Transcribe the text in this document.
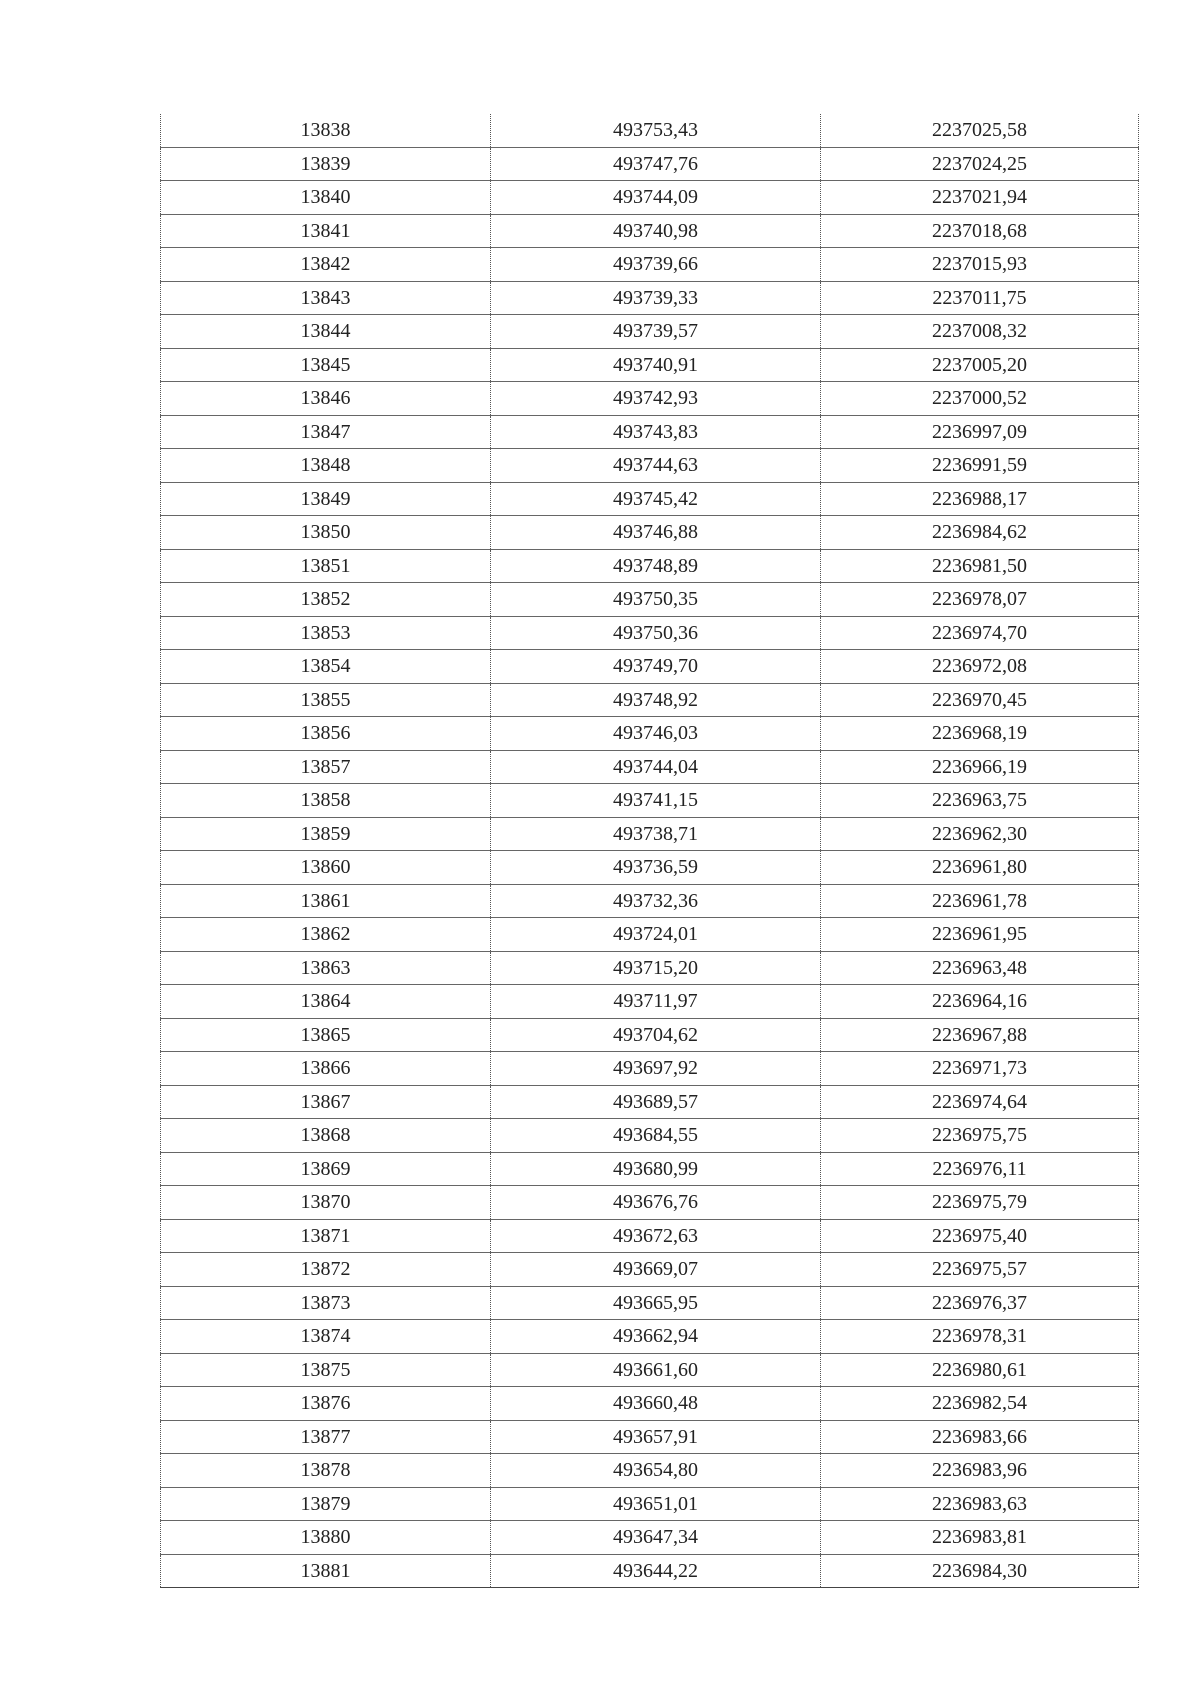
13838	493753,43	2237025,58
13839	493747,76	2237024,25
13840	493744,09	2237021,94
13841	493740,98	2237018,68
13842	493739,66	2237015,93
13843	493739,33	2237011,75
13844	493739,57	2237008,32
13845	493740,91	2237005,20
13846	493742,93	2237000,52
13847	493743,83	2236997,09
13848	493744,63	2236991,59
13849	493745,42	2236988,17
13850	493746,88	2236984,62
13851	493748,89	2236981,50
13852	493750,35	2236978,07
13853	493750,36	2236974,70
13854	493749,70	2236972,08
13855	493748,92	2236970,45
13856	493746,03	2236968,19
13857	493744,04	2236966,19
13858	493741,15	2236963,75
13859	493738,71	2236962,30
13860	493736,59	2236961,80
13861	493732,36	2236961,78
13862	493724,01	2236961,95
13863	493715,20	2236963,48
13864	493711,97	2236964,16
13865	493704,62	2236967,88
13866	493697,92	2236971,73
13867	493689,57	2236974,64
13868	493684,55	2236975,75
13869	493680,99	2236976,11
13870	493676,76	2236975,79
13871	493672,63	2236975,40
13872	493669,07	2236975,57
13873	493665,95	2236976,37
13874	493662,94	2236978,31
13875	493661,60	2236980,61
13876	493660,48	2236982,54
13877	493657,91	2236983,66
13878	493654,80	2236983,96
13879	493651,01	2236983,63
13880	493647,34	2236983,81
13881	493644,22	2236984,30
